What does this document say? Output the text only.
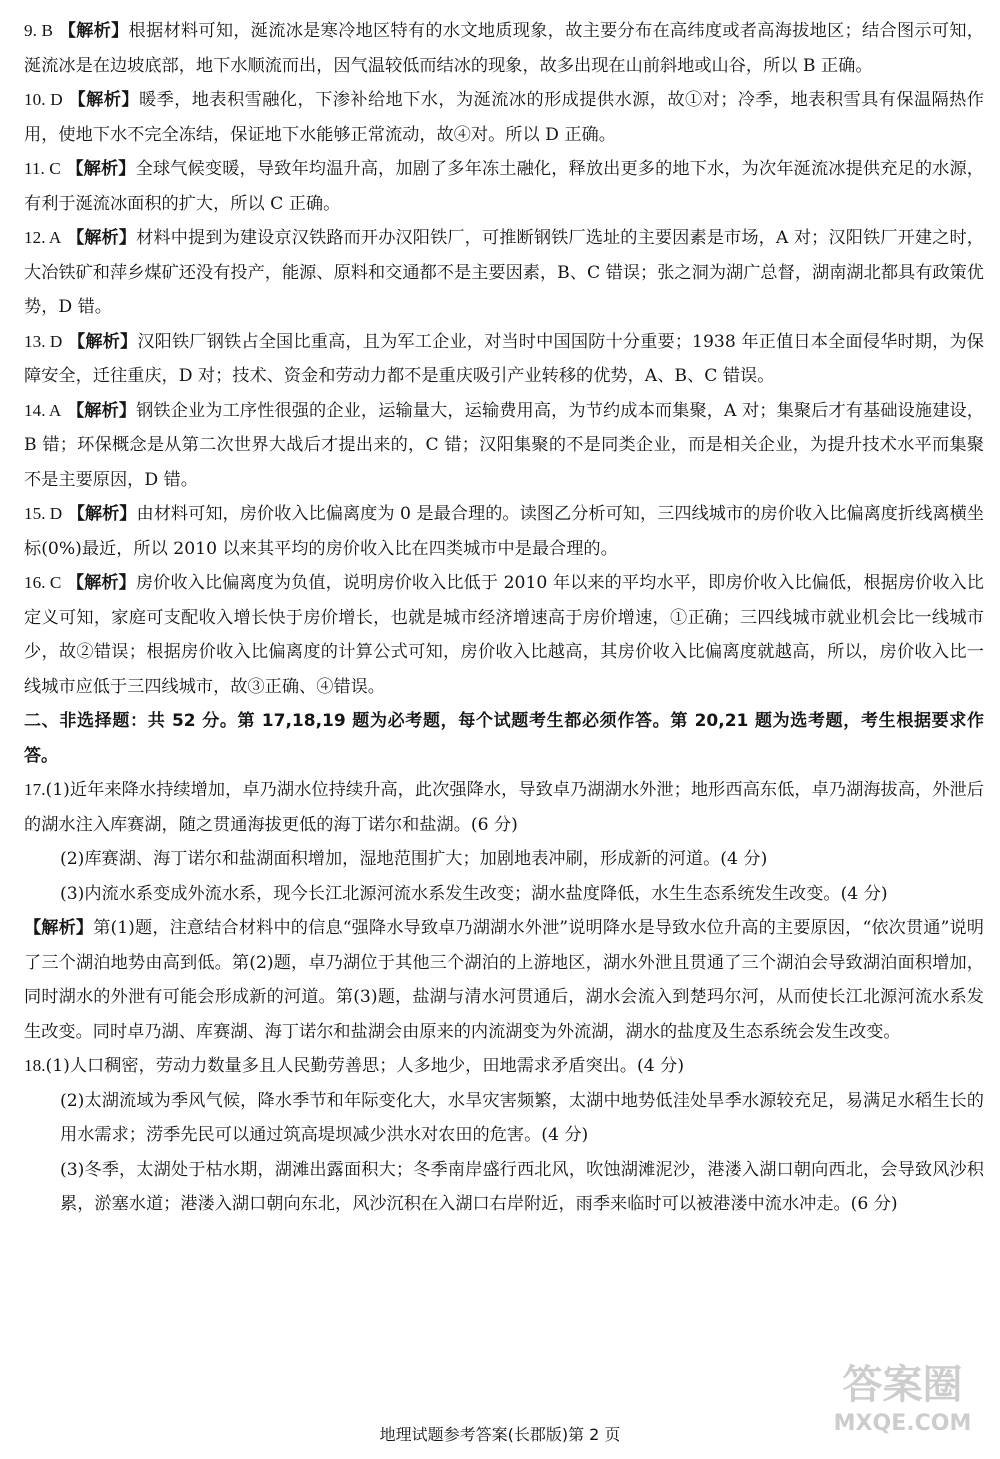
9. B 【解析】根据材料可知，涎流冰是寒冷地区特有的水文地质现象，故主要分布在高纬度或者高海拔地区；结合图示可知，涎流冰是在边坡底部，地下水顺流而出，因气温较低而结冰的现象，故多出现在山前斜地或山谷，所以 B 正确。
10. D 【解析】暖季，地表积雪融化，下渗补给地下水，为涎流冰的形成提供水源，故①对；冷季，地表积雪具有保温隔热作用，使地下水不完全冻结，保证地下水能够正常流动，故④对。所以 D 正确。
11. C 【解析】全球气候变暖，导致年均温升高，加剧了多年冻土融化，释放出更多的地下水，为次年涎流冰提供充足的水源，有利于涎流冰面积的扩大，所以 C 正确。
12. A 【解析】材料中提到为建设京汉铁路而开办汉阳铁厂，可推断钢铁厂选址的主要因素是市场，A 对；汉阳铁厂开建之时，大冶铁矿和萍乡煤矿还没有投产，能源、原料和交通都不是主要因素，B、C 错误；张之洞为湖广总督，湖南湖北都具有政策优势，D 错。
13. D 【解析】汉阳铁厂钢铁占全国比重高，且为军工企业，对当时中国国防十分重要；1938 年正值日本全面侵华时期，为保障安全，迁往重庆，D 对；技术、资金和劳动力都不是重庆吸引产业转移的优势，A、B、C 错误。
14. A 【解析】钢铁企业为工序性很强的企业，运输量大，运输费用高，为节约成本而集聚，A 对；集聚后才有基础设施建设，B 错；环保概念是从第二次世界大战后才提出来的，C 错；汉阳集聚的不是同类企业，而是相关企业，为提升技术水平而集聚不是主要原因，D 错。
15. D 【解析】由材料可知，房价收入比偏离度为 0 是最合理的。读图乙分析可知，三四线城市的房价收入比偏离度折线离横坐标(0%)最近，所以 2010 以来其平均的房价收入比在四类城市中是最合理的。
16. C 【解析】房价收入比偏离度为负值，说明房价收入比低于 2010 年以来的平均水平，即房价收入比偏低，根据房价收入比定义可知，家庭可支配收入增长快于房价增长，也就是城市经济增速高于房价增速，①正确；三四线城市就业机会比一线城市少，故②错误；根据房价收入比偏离度的计算公式可知，房价收入比越高，其房价收入比偏离度就越高，所以，房价收入比一线城市应低于三四线城市，故③正确、④错误。
二、非选择题：共 52 分。第 17,18,19 题为必考题，每个试题考生都必须作答。第 20,21 题为选考题，考生根据要求作答。
17.(1)近年来降水持续增加，卓乃湖水位持续升高，此次强降水，导致卓乃湖湖水外泄；地形西高东低，卓乃湖海拔高，外泄后的湖水注入库赛湖，随之贯通海拔更低的海丁诺尔和盐湖。(6 分)
(2)库赛湖、海丁诺尔和盐湖面积增加，湿地范围扩大；加剧地表冲刷，形成新的河道。(4 分)
(3)内流水系变成外流水系，现今长江北源河流水系发生改变；湖水盐度降低，水生生态系统发生改变。(4 分)
【解析】第(1)题，注意结合材料中的信息“强降水导致卓乃湖湖水外泄”说明降水是导致水位升高的主要原因，“依次贯通”说明了三个湖泊地势由高到低。第(2)题，卓乃湖位于其他三个湖泊的上游地区，湖水外泄且贯通了三个湖泊会导致湖泊面积增加，同时湖水的外泄有可能会形成新的河道。第(3)题，盐湖与清水河贯通后，湖水会流入到楚玛尔河，从而使长江北源河流水系发生改变。同时卓乃湖、库赛湖、海丁诺尔和盐湖会由原来的内流湖变为外流湖，湖水的盐度及生态系统会发生改变。
18.(1)人口稠密，劳动力数量多且人民勤劳善思；人多地少，田地需求矛盾突出。(4 分)
(2)太湖流域为季风气候，降水季节和年际变化大，水旱灾害频繁，太湖中地势低洼处旱季水源较充足，易满足水稻生长的用水需求；涝季先民可以通过筑高堤坝减少洪水对农田的危害。(4 分)
(3)冬季，太湖处于枯水期，湖滩出露面积大；冬季南岸盛行西北风，吹蚀湖滩泥沙，港溇入湖口朝向西北，会导致风沙积累，淤塞水道；港溇入湖口朝向东北，风沙沉积在入湖口右岸附近，雨季来临时可以被港溇中流水冲走。(6 分)
地理试题参考答案(长郡版)第 2 页
答案圈
MXQE.COM
